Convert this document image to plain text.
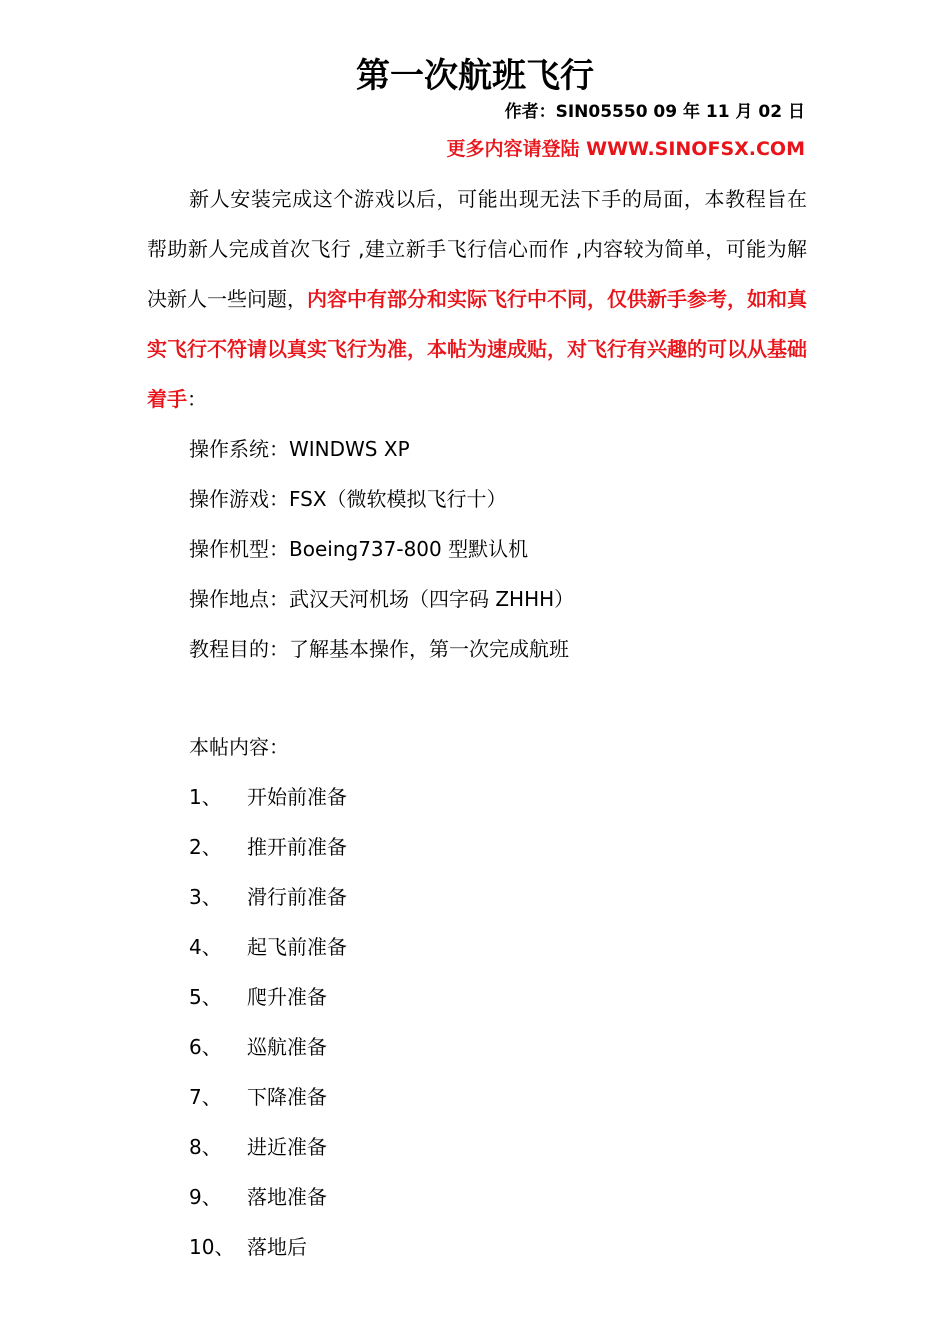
第一次航班飞行
作者：SIN05550 09 年 11 月 02 日
更多内容请登陆 WWW.SINOFSX.COM

新人安装完成这个游戏以后，可能出现无法下手的局面，本教程旨在帮助新人完成首次飞行 ,建立新手飞行信心而作 ,内容较为简单，可能为解决新人一些问题，内容中有部分和实际飞行中不同，仅供新手参考，如和真实飞行不符请以真实飞行为准，本帖为速成贴，对飞行有兴趣的可以从基础着手：

操作系统：WINDWS XP
操作游戏：FSX（微软模拟飞行十）
操作机型：Boeing737-800 型默认机
操作地点：武汉天河机场（四字码 ZHHH）
教程目的：了解基本操作，第一次完成航班

本帖内容：

1、 开始前准备
2、 推开前准备
3、 滑行前准备
4、 起飞前准备
5、 爬升准备
6、 巡航准备
7、 下降准备
8、 进近准备
9、 落地准备
10、 落地后
